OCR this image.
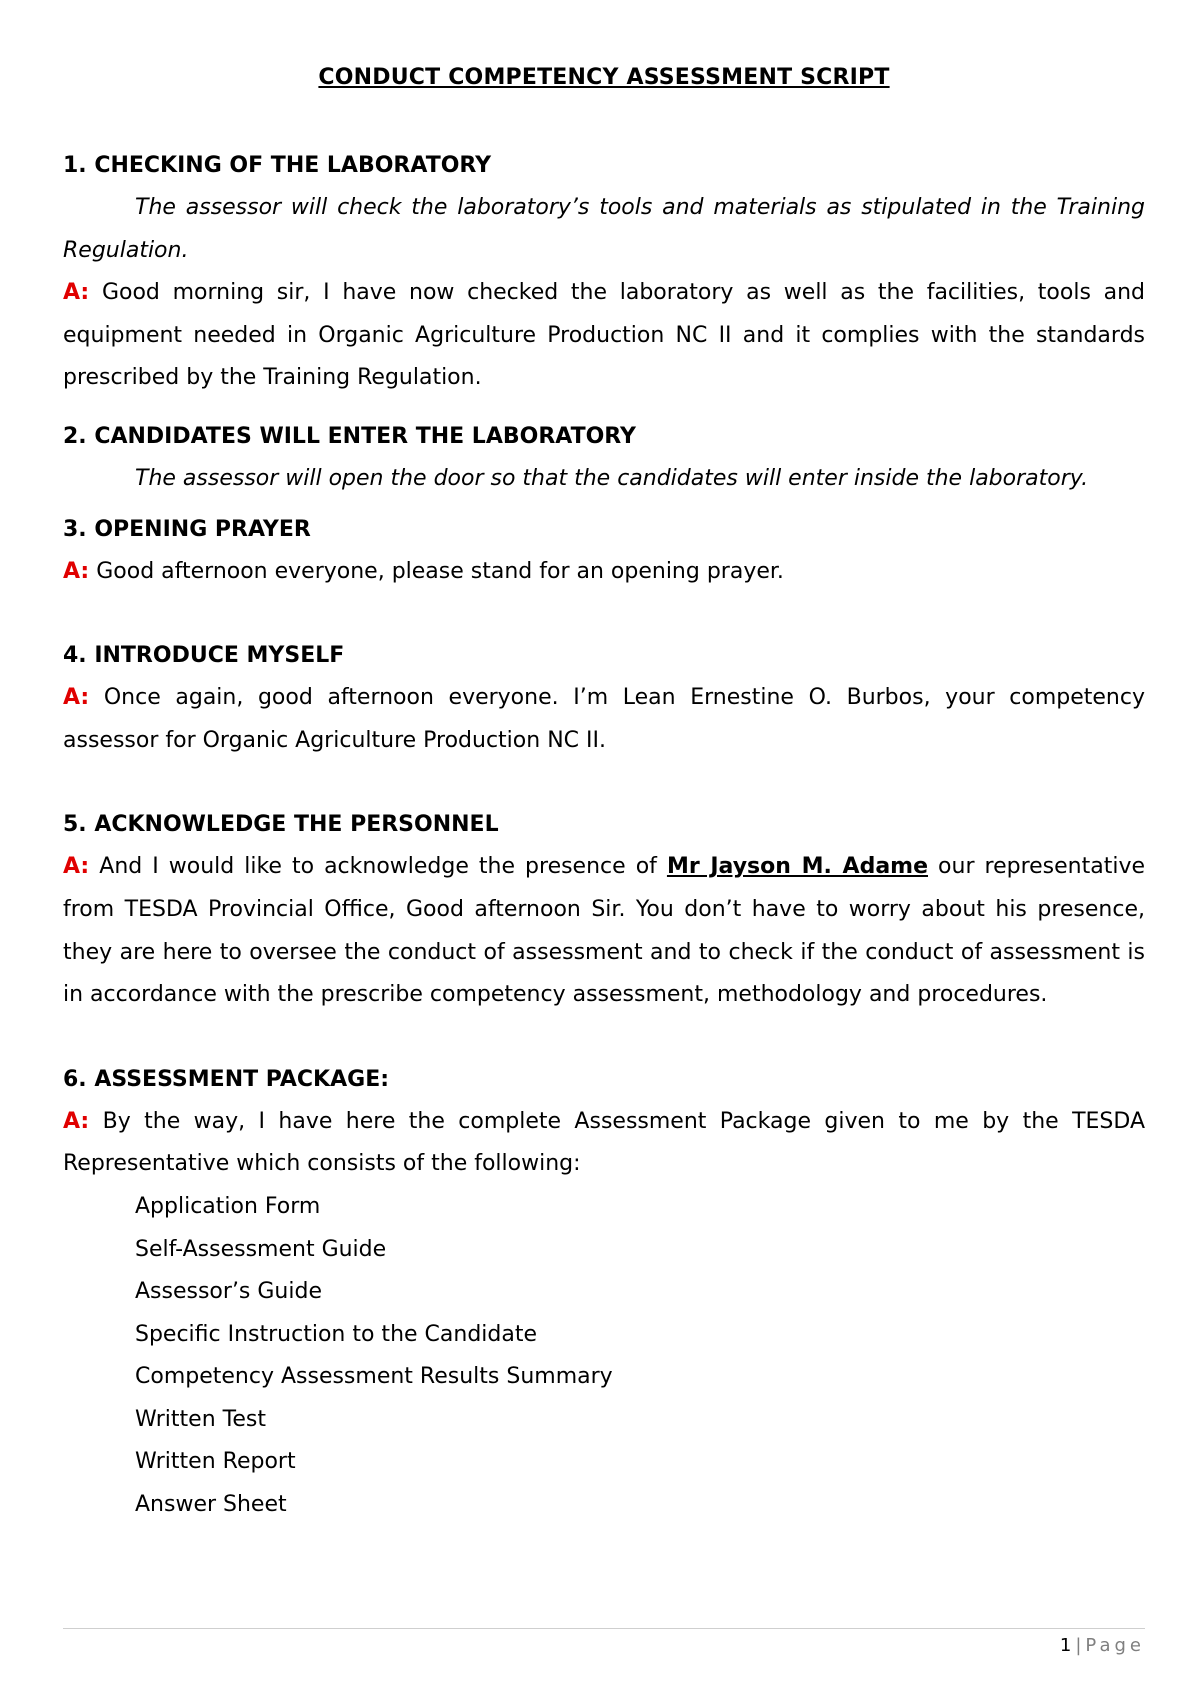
CONDUCT COMPETENCY ASSESSMENT SCRIPT
1. CHECKING OF THE LABORATORY

The assessor will check the laboratory’s tools and materials as stipulated in the Training Regulation.

A: Good morning sir, I have now checked the laboratory as well as the facilities, tools and equipment needed in Organic Agriculture Production NC II and it complies with the standards prescribed by the Training Regulation.

2. CANDIDATES WILL ENTER THE LABORATORY

The assessor will open the door so that the candidates will enter inside the laboratory.

3. OPENING PRAYER

A: Good afternoon everyone, please stand for an opening prayer.

4. INTRODUCE MYSELF

A: Once again, good afternoon everyone. I’m Lean Ernestine O. Burbos, your competency assessor for Organic Agriculture Production NC II.

5. ACKNOWLEDGE THE PERSONNEL

A: And I would like to acknowledge the presence of Mr Jayson M. Adame our representative from TESDA Provincial Office, Good afternoon Sir. You don’t have to worry about his presence, they are here to oversee the conduct of assessment and to check if the conduct of assessment is in accordance with the prescribe competency assessment, methodology and procedures.

6. ASSESSMENT PACKAGE:

A: By the way, I have here the complete Assessment Package given to me by the TESDA Representative which consists of the following:

Application Form
Self-Assessment Guide
Assessor’s Guide
Specific Instruction to the Candidate
Competency Assessment Results Summary
Written Test
Written Report
Answer Sheet
1 | Page
